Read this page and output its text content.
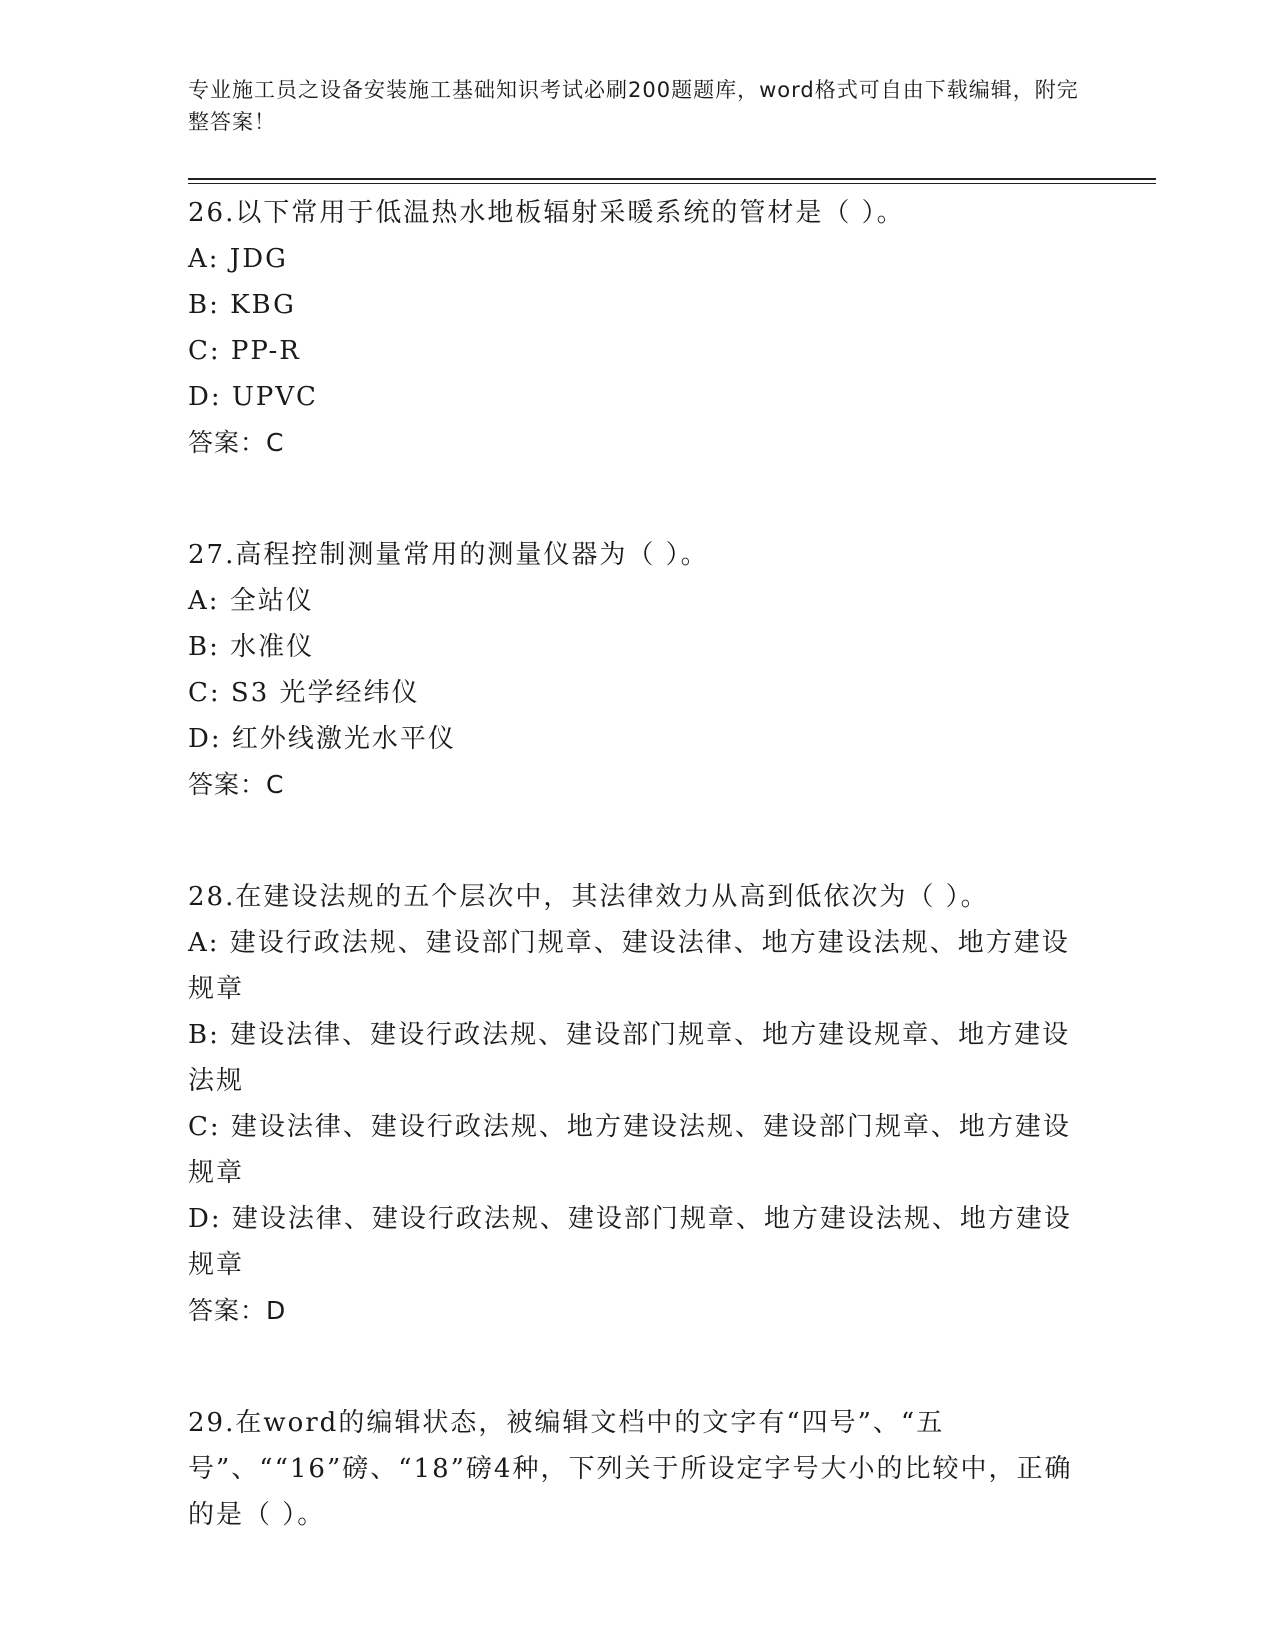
专业施工员之设备安装施工基础知识考试必刷200题题库，word格式可自由下载编辑，附完整答案！

26.以下常用于低温热水地板辐射采暖系统的管材是（ ）。

A: JDG

B: KBG

C: PP-R

D: UPVC

答案：C

27.高程控制测量常用的测量仪器为（ ）。

A: 全站仪

B: 水准仪

C: S3 光学经纬仪

D: 红外线激光水平仪

答案：C

28.在建设法规的五个层次中，其法律效力从高到低依次为（ ）。

A: 建设行政法规、建设部门规章、建设法律、地方建设法规、地方建设规章

B: 建设法律、建设行政法规、建设部门规章、地方建设规章、地方建设法规

C: 建设法律、建设行政法规、地方建设法规、建设部门规章、地方建设规章

D: 建设法律、建设行政法规、建设部门规章、地方建设法规、地方建设规章

答案：D

29.在word的编辑状态，被编辑文档中的文字有“四号”、“五号”、““16”磅、“18”磅4种，下列关于所设定字号大小的比较中，正确的是（ ）。
